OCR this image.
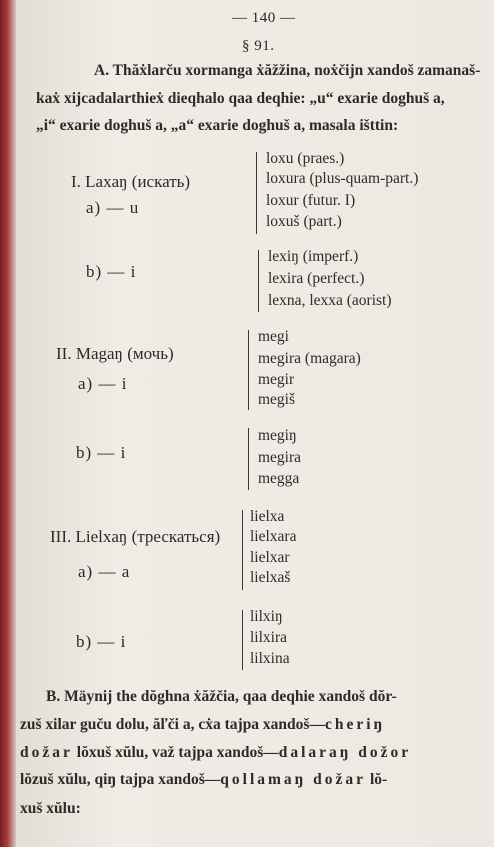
— 140 —
§ 91.
A. Thăẋlarču xormanga ẋăžžina, noẋčijn xandoš zamanaš-
kaẋ xijcadalarthieẋ dieqhalo qaa deqhie: „u“ exarie doghuš a,
„i“ exarie doghuš a, „a“ exarie doghuš a, masala išttin:
I. Laxaŋ (искать)
a) — u
loxu (praes.)
loxura (plus-quam-part.)
loxur (futur. I)
loxuš (part.)
b) — i
lexiŋ (imperf.)
lexira (perfect.)
lexna, lexxa (aorist)
II. Magaŋ (мочь)
a) — i
megi
megira (magara)
megir
megiš
b) — i
megiŋ
megira
megga
III. Lielxaŋ (трескаться)
a) — a
lielxa
lielxara
lielxar
lielxaš
b) — i
lilxiŋ
lilxira
lilxina
B. Mäynij the dŏghna ẋăžčia, qaa deqhie xandoš dŏr-
zuš xilar guču dolu, ăľči a, cẋa tajpa xandoš—cheriŋ
dožar lŏxuš xŭlu, važ tajpa xandoš—dalaraŋ dožor
lŏzuš xŭlu, qiŋ tajpa xandoš—qollamaŋ dožar lŏ-
xuš xŭlu:
